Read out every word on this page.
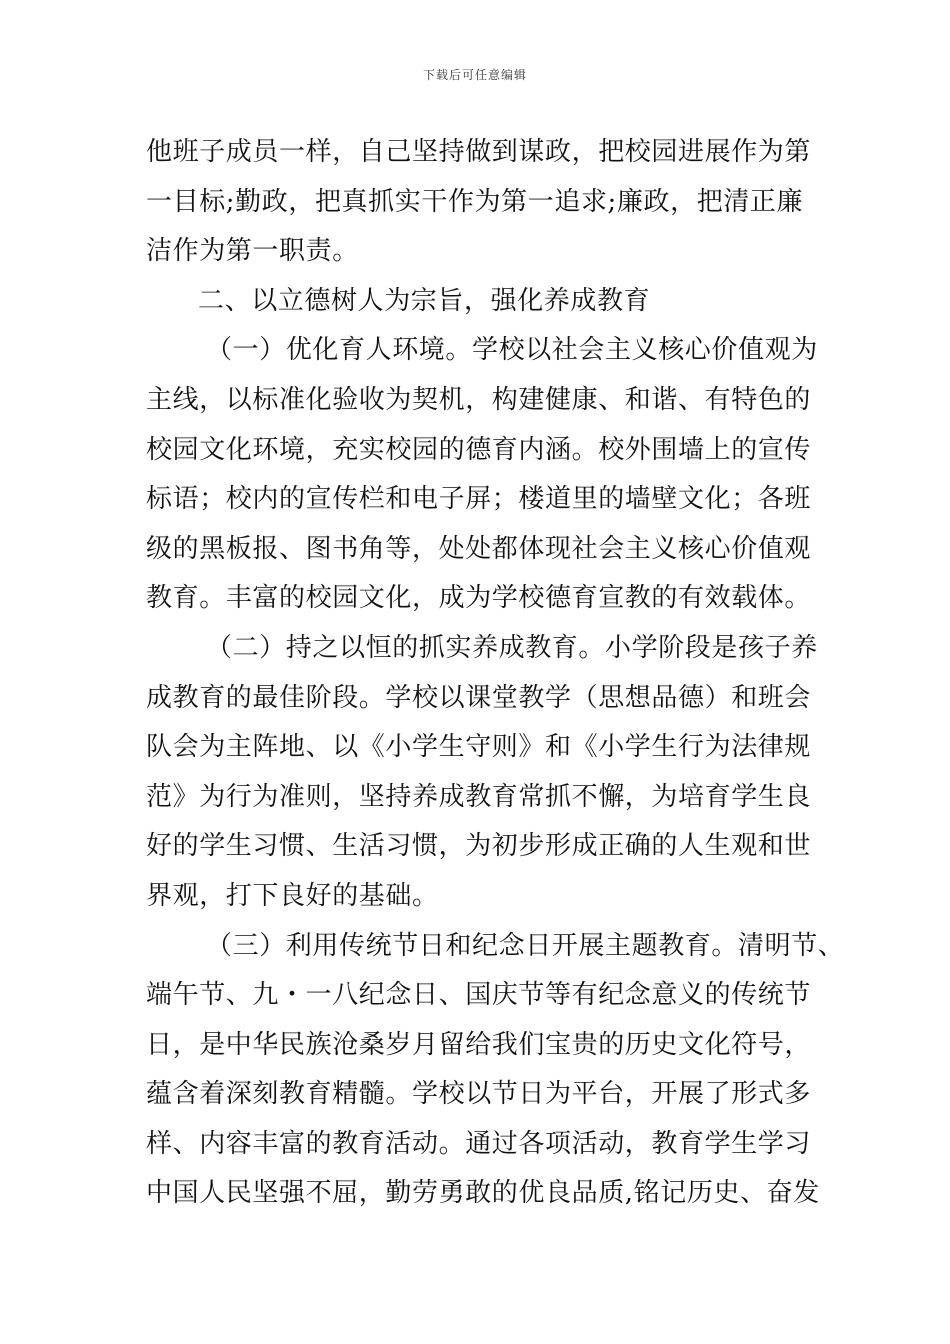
下载后可任意编辑
他班子成员一样，自己坚持做到谋政，把校园进展作为第
一目标;勤政，把真抓实干作为第一追求;廉政，把清正廉
洁作为第一职责。
二、以立德树人为宗旨，强化养成教育
（一）优化育人环境。学校以社会主义核心价值观为
主线，以标准化验收为契机，构建健康、和谐、有特色的
校园文化环境，充实校园的德育内涵。校外围墙上的宣传
标语；校内的宣传栏和电子屏；楼道里的墙壁文化；各班
级的黑板报、图书角等，处处都体现社会主义核心价值观
教育。丰富的校园文化，成为学校德育宣教的有效载体。
（二）持之以恒的抓实养成教育。小学阶段是孩子养
成教育的最佳阶段。学校以课堂教学（思想品德）和班会
队会为主阵地、以《小学生守则》和《小学生行为法律规
范》为行为准则，坚持养成教育常抓不懈，为培育学生良
好的学生习惯、生活习惯，为初步形成正确的人生观和世
界观，打下良好的基础。
（三）利用传统节日和纪念日开展主题教育。清明节、
端午节、九・一八纪念日、国庆节等有纪念意义的传统节
日，是中华民族沧桑岁月留给我们宝贵的历史文化符号，
蕴含着深刻教育精髓。学校以节日为平台，开展了形式多
样、内容丰富的教育活动。通过各项活动，教育学生学习
中国人民坚强不屈，勤劳勇敢的优良品质,铭记历史、奋发
